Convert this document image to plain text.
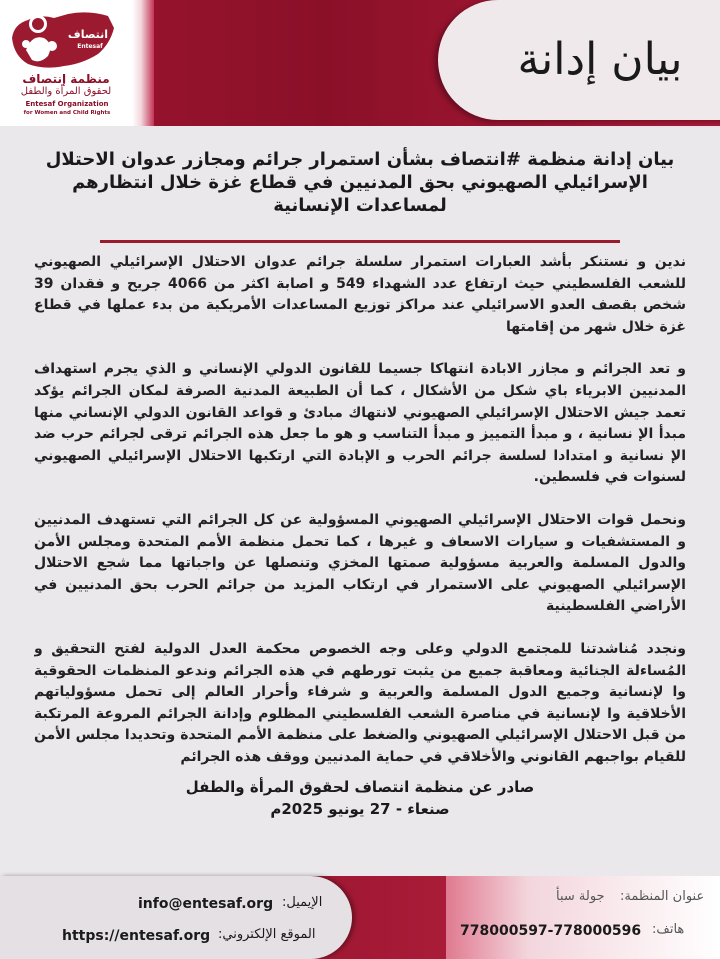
بيان إدانة
انتصاف
Entesaf
منظمة إنتصاف
لحقوق المرأة والطفل
Entesaf Organization
for Women and Child Rights
بيان إدانة منظمة #انتصاف بشأن استمرار جرائم ومجازر عدوان الاحتلال الإسرائيلي الصهيوني بحق المدنيين في قطاع غزة خلال انتظارهم لمساعدات الإنسانية

ندين و نستنكر بأشد العبارات استمرار سلسلة جرائم عدوان الاحتلال الإسرائيلي الصهيوني للشعب الفلسطيني حيث ارتفاع عدد الشهداء 549 و اصابة اكثر من 4066 جريح و فقدان 39 شخص بقصف العدو الاسرائيلي عند مراكز توزيع المساعدات الأمريكية من بدء عملها في قطاع غزة خلال شهر من إقامتها

و تعد الجرائم و مجازر الابادة انتهاكا جسيما للقانون الدولي الإنساني و الذي يجرم استهداف المدنيين الابرياء باي شكل من الأشكال ، كما أن الطبيعة المدنية الصرفة لمكان الجرائم يؤكد تعمد جيش الاحتلال الإسرائيلي الصهيوني لانتهاك مبادئ و قواعد القانون الدولي الإنساني منها مبدأ الإ نسانية ، و مبدأ التمييز و مبدأ التناسب و هو ما جعل هذه الجرائم ترقى لجرائم حرب ضد الإ نسانية و امتدادا لسلسة جرائم الحرب و الإبادة التي ارتكبها الاحتلال الإسرائيلي الصهيوني لسنوات في فلسطين.

ونحمل قوات الاحتلال الإسرائيلي الصهيوني المسؤولية عن كل الجرائم التي تستهدف المدنيين و المستشفيات و سيارات الاسعاف و غيرها ، كما تحمل منظمة الأمم المتحدة ومجلس الأمن والدول المسلمة والعربية مسؤولية صمتها المخزي وتنصلها عن واجباتها مما شجع الاحتلال الإسرائيلي الصهيوني على الاستمرار في ارتكاب المزيد من جرائم الحرب بحق المدنيين في الأراضي الفلسطينية

ونجدد مُناشدتنا للمجتمع الدولي وعلى وجه الخصوص محكمة العدل الدولية لفتح التحقيق و المُساءلة الجنائية ومعاقبة جميع من يثبت تورطهم في هذه الجرائم وندعو المنظمات الحقوقية وا لإنسانية وجميع الدول المسلمة والعربية و شرفاء وأحرار العالم إلى تحمل مسؤولياتهم الأخلاقية وا لإنسانية في مناصرة الشعب الفلسطيني المظلوم وإدانة الجرائم المروعة المرتكبة من قبل الاحتلال الإسرائيلي الصهيوني والضغط على منظمة الأمم المتحدة وتحديدا مجلس الأمن للقيام بواجبهم القانوني والأخلاقي في حماية المدنيين ووقف هذه الجرائم

صادر عن منظمة انتصاف لحقوق المرأة والطفل
صنعاء - 27 يونيو 2025م
الإيميل:
info@entesaf.org
الموقع الإلكتروني:
https://entesaf.org
عنوان المنظمة:
جولة سبأ
هاتف:
778000597-778000596
